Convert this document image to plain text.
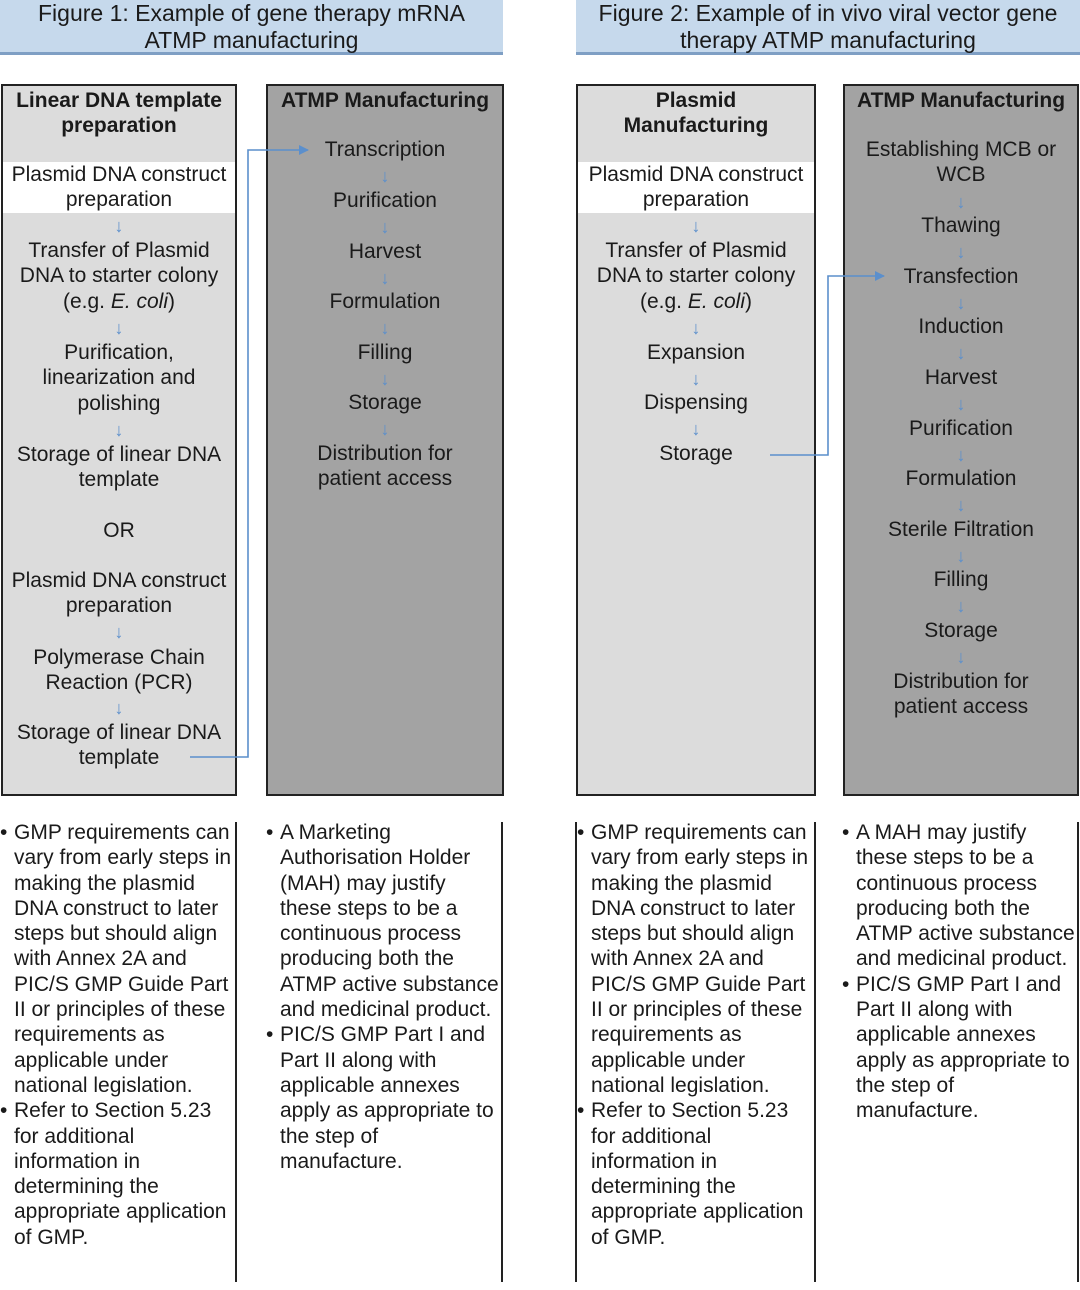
Figure 1: Example of gene therapy mRNA
ATMP manufacturing
Figure 2: Example of in vivo viral vector gene
therapy ATMP manufacturing

Linear DNA template preparation

Plasmid DNA construct preparation

↓

Transfer of Plasmid
DNA to starter colony
(e.g. E. coli)

↓

Purification, linearization and polishing

↓

Storage of linear DNA template

OR

Plasmid DNA construct preparation

↓

Polymerase Chain Reaction (PCR)

↓

Storage of linear DNA template

ATMP Manufacturing

Transcription

↓

Purification

↓

Harvest

↓

Formulation

↓

Filling

↓

Storage

↓

Distribution for patient access

Plasmid Manufacturing

Plasmid DNA construct preparation

↓

Transfer of Plasmid
DNA to starter colony
(e.g. E. coli)

↓

Expansion

↓

Dispensing

↓

Storage

ATMP Manufacturing

Establishing MCB or WCB

↓

Thawing

↓

Transfection

↓

Induction

↓

Harvest

↓

Purification

↓

Formulation

↓

Sterile Filtration

↓

Filling

↓

Storage

↓

Distribution for patient access

• GMP requirements can vary from early steps in making the plasmid DNA construct to later steps but should align with Annex 2A and PIC/S GMP Guide Part II or principles of these requirements as applicable under national legislation.

• Refer to Section 5.23 for additional information in determining the appropriate application of GMP.

• A Marketing Authorisation Holder (MAH) may justify these steps to be a continuous process producing both the ATMP active substance and medicinal product.

• PIC/S GMP Part I and Part II along with applicable annexes apply as appropriate to the step of manufacture.

• GMP requirements can vary from early steps in making the plasmid DNA construct to later steps but should align with Annex 2A and PIC/S GMP Guide Part II or principles of these requirements as applicable under national legislation.

• Refer to Section 5.23 for additional information in determining the appropriate application of GMP.

• A MAH may justify these steps to be a continuous process producing both the ATMP active substance and medicinal product.

• PIC/S GMP Part I and Part II along with applicable annexes apply as appropriate to the step of manufacture.
